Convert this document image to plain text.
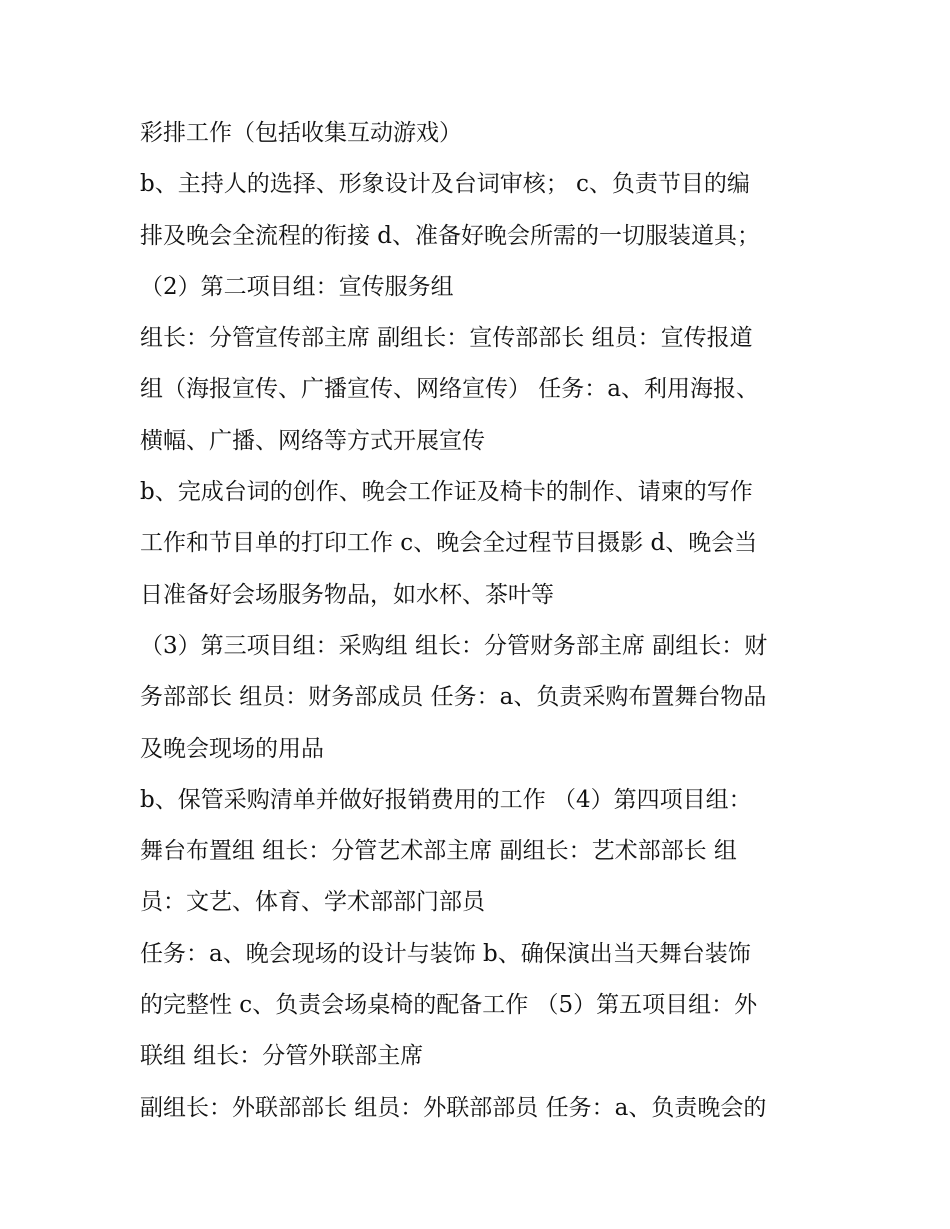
彩排工作（包括收集互动游戏）

b、主持人的选择、形象设计及台词审核； c、负责节目的编

排及晚会全流程的衔接 d、准备好晚会所需的一切服装道具；

（2）第二项目组：宣传服务组

组长：分管宣传部主席 副组长：宣传部部长 组员：宣传报道

组（海报宣传、广播宣传、网络宣传） 任务：a、利用海报、

横幅、广播、网络等方式开展宣传

b、完成台词的创作、晚会工作证及椅卡的制作、请柬的写作

工作和节目单的打印工作 c、晚会全过程节目摄影 d、晚会当

日准备好会场服务物品，如水杯、茶叶等

（3）第三项目组：采购组 组长：分管财务部主席 副组长：财

务部部长 组员：财务部成员 任务：a、负责采购布置舞台物品

及晚会现场的用品

b、保管采购清单并做好报销费用的工作 （4）第四项目组：

舞台布置组 组长：分管艺术部主席 副组长：艺术部部长 组

员：文艺、体育、学术部部门部员

任务：a、晚会现场的设计与装饰 b、确保演出当天舞台装饰

的完整性 c、负责会场桌椅的配备工作 （5）第五项目组：外

联组 组长：分管外联部主席

副组长：外联部部长 组员：外联部部员 任务：a、负责晚会的
